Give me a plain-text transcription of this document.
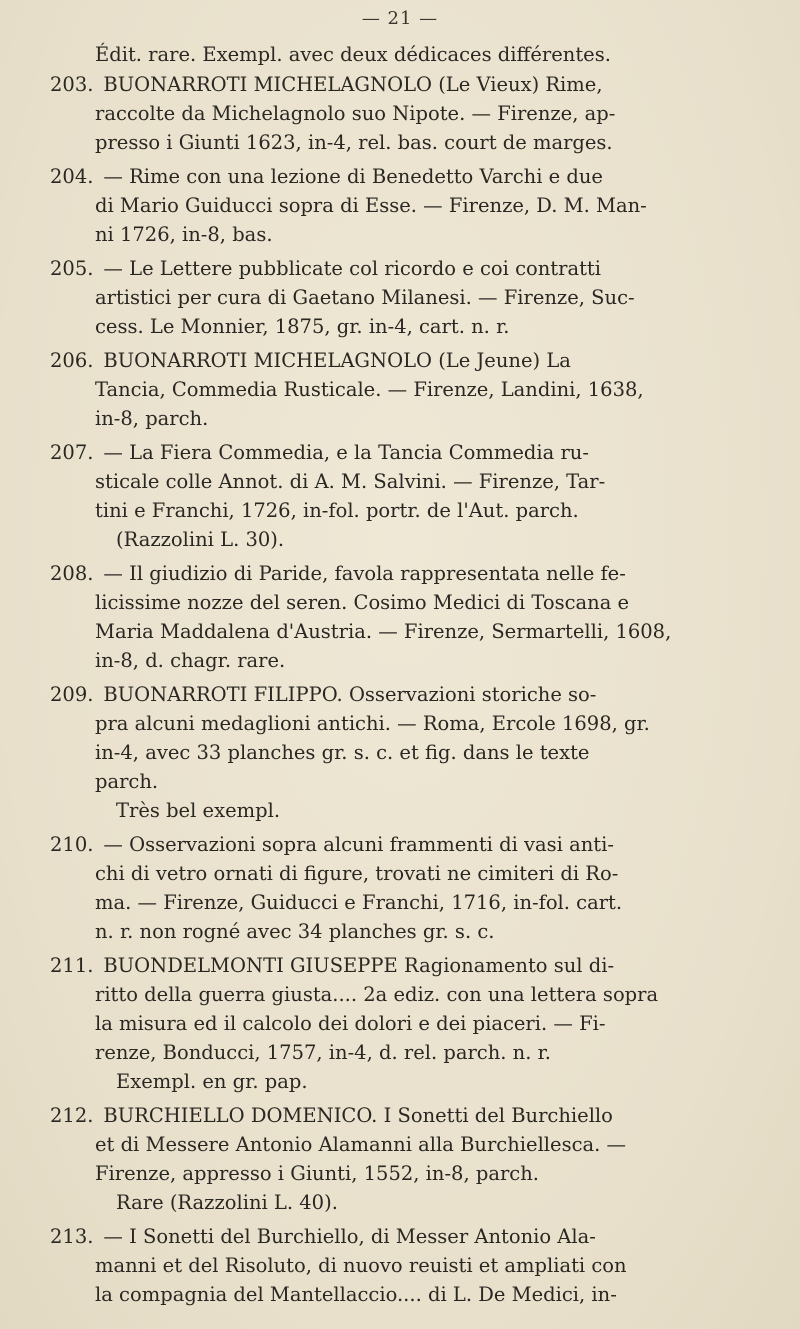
— 21 —
Édit. rare. Exempl. avec deux dédicaces différentes.
203. BUONARROTI MICHELAGNOLO (Le Vieux) Rime,
raccolte da Michelagnolo suo Nipote. — Firenze, ap-
presso i Giunti 1623, in-4, rel. bas. court de marges.
204. — Rime con una lezione di Benedetto Varchi e due
di Mario Guiducci sopra di Esse. — Firenze, D. M. Man-
ni 1726, in-8, bas.
205. — Le Lettere pubblicate col ricordo e coi contratti
artistici per cura di Gaetano Milanesi. — Firenze, Suc-
cess. Le Monnier, 1875, gr. in-4, cart. n. r.
206. BUONARROTI MICHELAGNOLO (Le Jeune) La
Tancia, Commedia Rusticale. — Firenze, Landini, 1638,
in-8, parch.
207. — La Fiera Commedia, e la Tancia Commedia ru-
sticale colle Annot. di A. M. Salvini. — Firenze, Tar-
tini e Franchi, 1726, in-fol. portr. de l'Aut. parch.
(Razzolini L. 30).
208. — Il giudizio di Paride, favola rappresentata nelle fe-
licissime nozze del seren. Cosimo Medici di Toscana e
Maria Maddalena d'Austria. — Firenze, Sermartelli, 1608,
in-8, d. chagr. rare.
209. BUONARROTI FILIPPO. Osservazioni storiche so-
pra alcuni medaglioni antichi. — Roma, Ercole 1698, gr.
in-4, avec 33 planches gr. s. c. et fig. dans le texte
parch.
Très bel exempl.
210. — Osservazioni sopra alcuni frammenti di vasi anti-
chi di vetro ornati di figure, trovati ne cimiteri di Ro-
ma. — Firenze, Guiducci e Franchi, 1716, in-fol. cart.
n. r. non rogné avec 34 planches gr. s. c.
211. BUONDELMONTI GIUSEPPE Ragionamento sul di-
ritto della guerra giusta.... 2a ediz. con una lettera sopra
la misura ed il calcolo dei dolori e dei piaceri. — Fi-
renze, Bonducci, 1757, in-4, d. rel. parch. n. r.
Exempl. en gr. pap.
212. BURCHIELLO DOMENICO. I Sonetti del Burchiello
et di Messere Antonio Alamanni alla Burchiellesca. —
Firenze, appresso i Giunti, 1552, in-8, parch.
Rare (Razzolini L. 40).
213. — I Sonetti del Burchiello, di Messer Antonio Ala-
manni et del Risoluto, di nuovo reuisti et ampliati con
la compagnia del Mantellaccio.... di L. De Medici, in-
